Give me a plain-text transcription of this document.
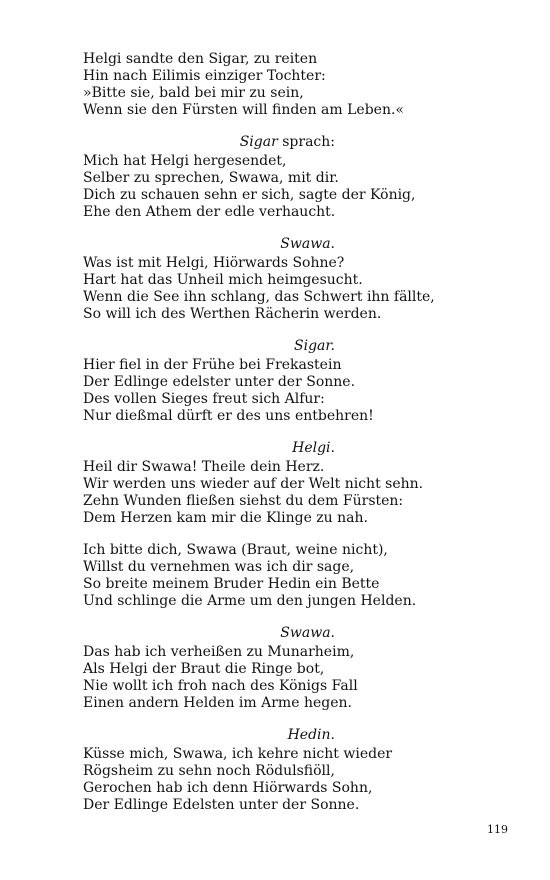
Helgi sandte den Sigar, zu reiten
Hin nach Eilimis einziger Tochter:
»Bitte sie, bald bei mir zu sein,
Wenn sie den Fürsten will finden am Leben.«
Sigar sprach:
Mich hat Helgi hergesendet,
Selber zu sprechen, Swawa, mit dir.
Dich zu schauen sehn er sich, sagte der König,
Ehe den Athem der edle verhaucht.
Swawa.
Was ist mit Helgi, Hiörwards Sohne?
Hart hat das Unheil mich heimgesucht.
Wenn die See ihn schlang, das Schwert ihn fällte,
So will ich des Werthen Rächerin werden.
Sigar.
Hier fiel in der Frühe bei Frekastein
Der Edlinge edelster unter der Sonne.
Des vollen Sieges freut sich Alfur:
Nur dießmal dürft er des uns entbehren!
Helgi.
Heil dir Swawa! Theile dein Herz.
Wir werden uns wieder auf der Welt nicht sehn.
Zehn Wunden fließen siehst du dem Fürsten:
Dem Herzen kam mir die Klinge zu nah.
Ich bitte dich, Swawa (Braut, weine nicht),
Willst du vernehmen was ich dir sage,
So breite meinem Bruder Hedin ein Bette
Und schlinge die Arme um den jungen Helden.
Swawa.
Das hab ich verheißen zu Munarheim,
Als Helgi der Braut die Ringe bot,
Nie wollt ich froh nach des Königs Fall
Einen andern Helden im Arme hegen.
Hedin.
Küsse mich, Swawa, ich kehre nicht wieder
Rögsheim zu sehn noch Rödulsfiöll,
Gerochen hab ich denn Hiörwards Sohn,
Der Edlinge Edelsten unter der Sonne.
119
